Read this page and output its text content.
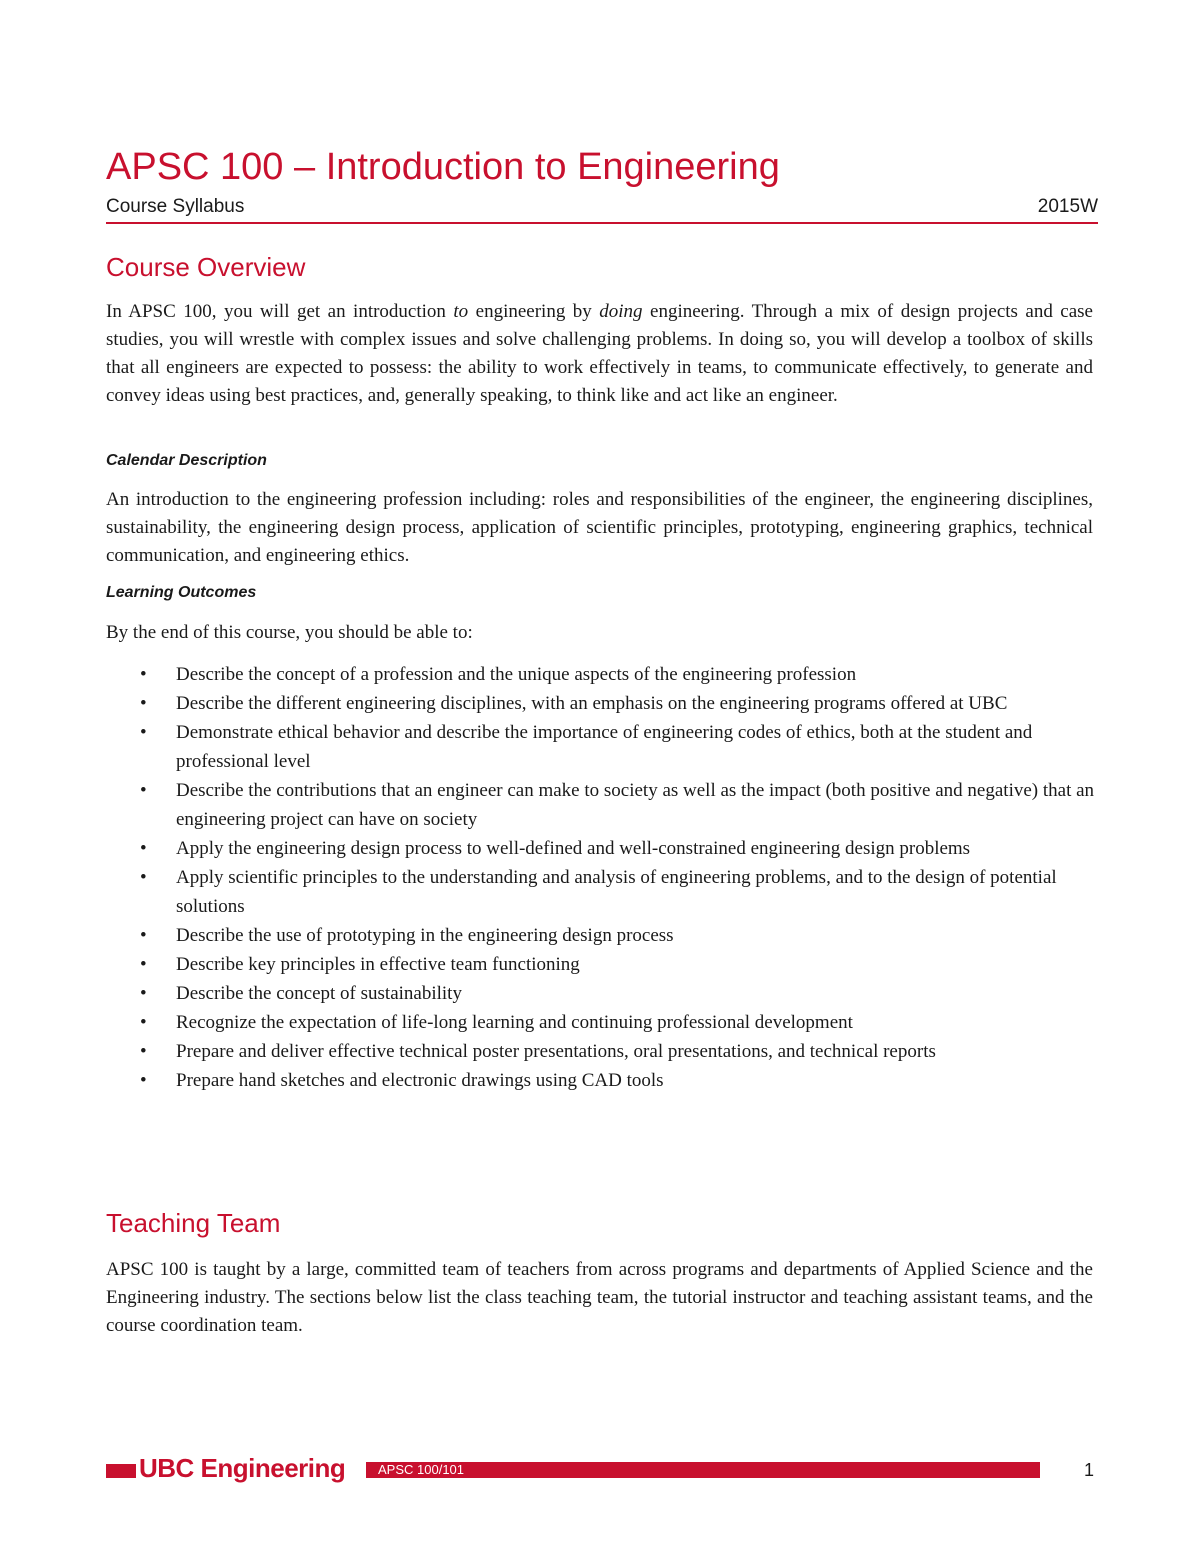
APSC 100 – Introduction to Engineering
Course Syllabus	2015W
Course Overview

In APSC 100, you will get an introduction to engineering by doing engineering. Through a mix of design projects and case studies, you will wrestle with complex issues and solve challenging problems. In doing so, you will develop a toolbox of skills that all engineers are expected to possess: the ability to work effectively in teams, to communicate effectively, to generate and convey ideas using best practices, and, generally speaking, to think like and act like an engineer.

Calendar Description

An introduction to the engineering profession including: roles and responsibilities of the engineer, the engineering disciplines, sustainability, the engineering design process, application of scientific principles, prototyping, engineering graphics, technical communication, and engineering ethics.

Learning Outcomes

By the end of this course, you should be able to:

• Describe the concept of a profession and the unique aspects of the engineering profession
• Describe the different engineering disciplines, with an emphasis on the engineering programs offered at UBC
• Demonstrate ethical behavior and describe the importance of engineering codes of ethics, both at the student and professional level
• Describe the contributions that an engineer can make to society as well as the impact (both positive and negative) that an engineering project can have on society
• Apply the engineering design process to well-defined and well-constrained engineering design problems
• Apply scientific principles to the understanding and analysis of engineering problems, and to the design of potential solutions
• Describe the use of prototyping in the engineering design process
• Describe key principles in effective team functioning
• Describe the concept of sustainability
• Recognize the expectation of life-long learning and continuing professional development
• Prepare and deliver effective technical poster presentations, oral presentations, and technical reports
• Prepare hand sketches and electronic drawings using CAD tools
Teaching Team

APSC 100 is taught by a large, committed team of teachers from across programs and departments of Applied Science and the Engineering industry. The sections below list the class teaching team, the tutorial instructor and teaching assistant teams, and the course coordination team.

UBC Engineering	APSC 100/101	1
